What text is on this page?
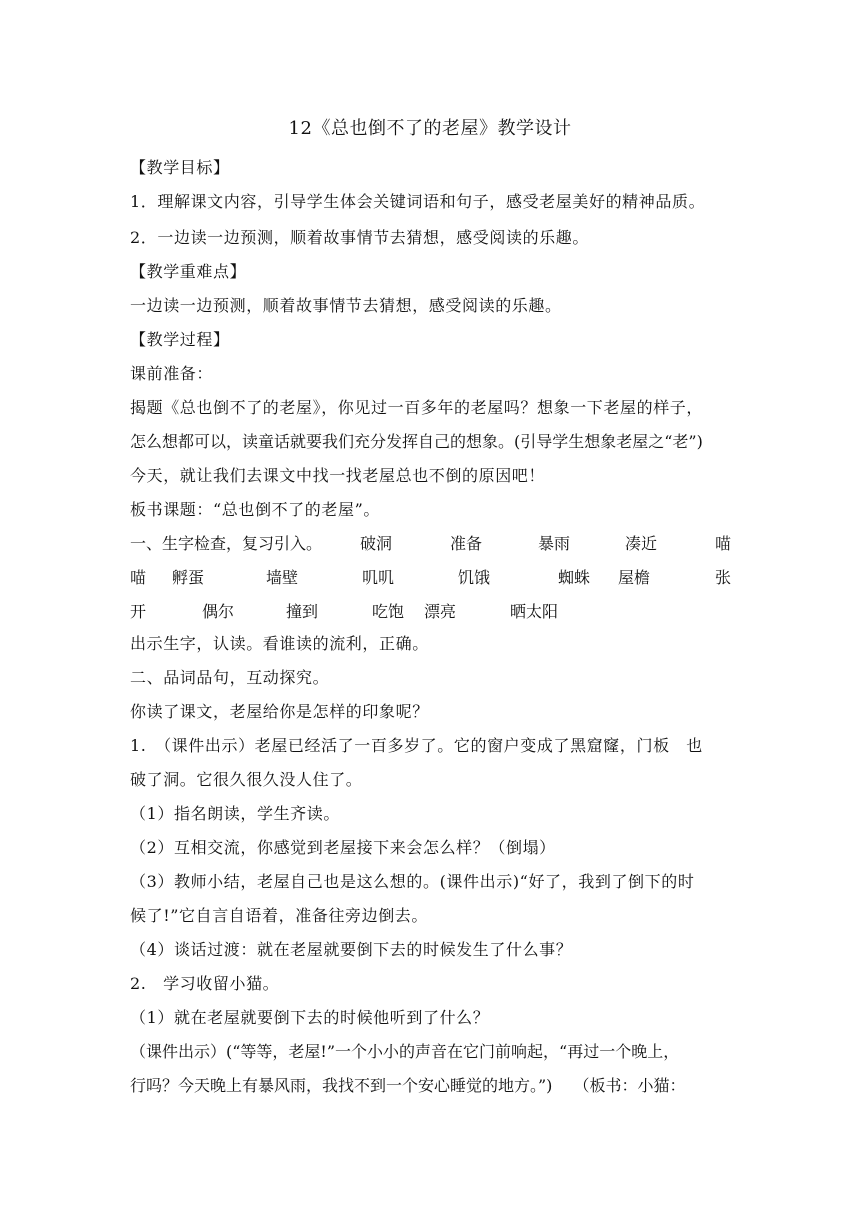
12《总也倒不了的老屋》教学设计
【教学目标】
1．理解课文内容，引导学生体会关键词语和句子，感受老屋美好的精神品质。
2．一边读一边预测，顺着故事情节去猜想，感受阅读的乐趣。
【教学重难点】
一边读一边预测，顺着故事情节去猜想，感受阅读的乐趣。
【教学过程】
课前准备：
揭题《总也倒不了的老屋》，你见过一百多年的老屋吗？想象一下老屋的样子，
怎么想都可以，读童话就要我们充分发挥自己的想象。(引导学生想象老屋之“老”)
今天，就让我们去课文中找一找老屋总也不倒的原因吧！
板书课题：“总也倒不了的老屋”。
一、生字检查，复习引入。 破洞	准备	暴雨	凑近	喵
喵 孵蛋	墙壁	叽叽	饥饿	蜘蛛 屋檐	张
开	偶尔	撞到	吃饱 漂亮	晒太阳
出示生字，认读。看谁读的流利，正确。
二、品词品句，互动探究。
你读了课文，老屋给你是怎样的印象呢？
1.　（课件出示）老屋已经活了一百多岁了。它的窗户变成了黑窟窿，门板　也
破了洞。它很久很久没人住了。
（1）指名朗读，学生齐读。
（2）互相交流，你感觉到老屋接下来会怎么样？（倒塌）
（3）教师小结，老屋自己也是这么想的。(课件出示)“好了，我到了倒下的时
候了!”它自言自语着，准备往旁边倒去。
（4）谈话过渡：就在老屋就要倒下去的时候发生了什么事？
2.　学习收留小猫。
（1）就在老屋就要倒下去的时候他听到了什么？
（课件出示）(“等等，老屋!”一个小小的声音在它门前响起，“再过一个晚上，
行吗？今天晚上有暴风雨，我找不到一个安心睡觉的地方。”)　 （板书：小猫：
